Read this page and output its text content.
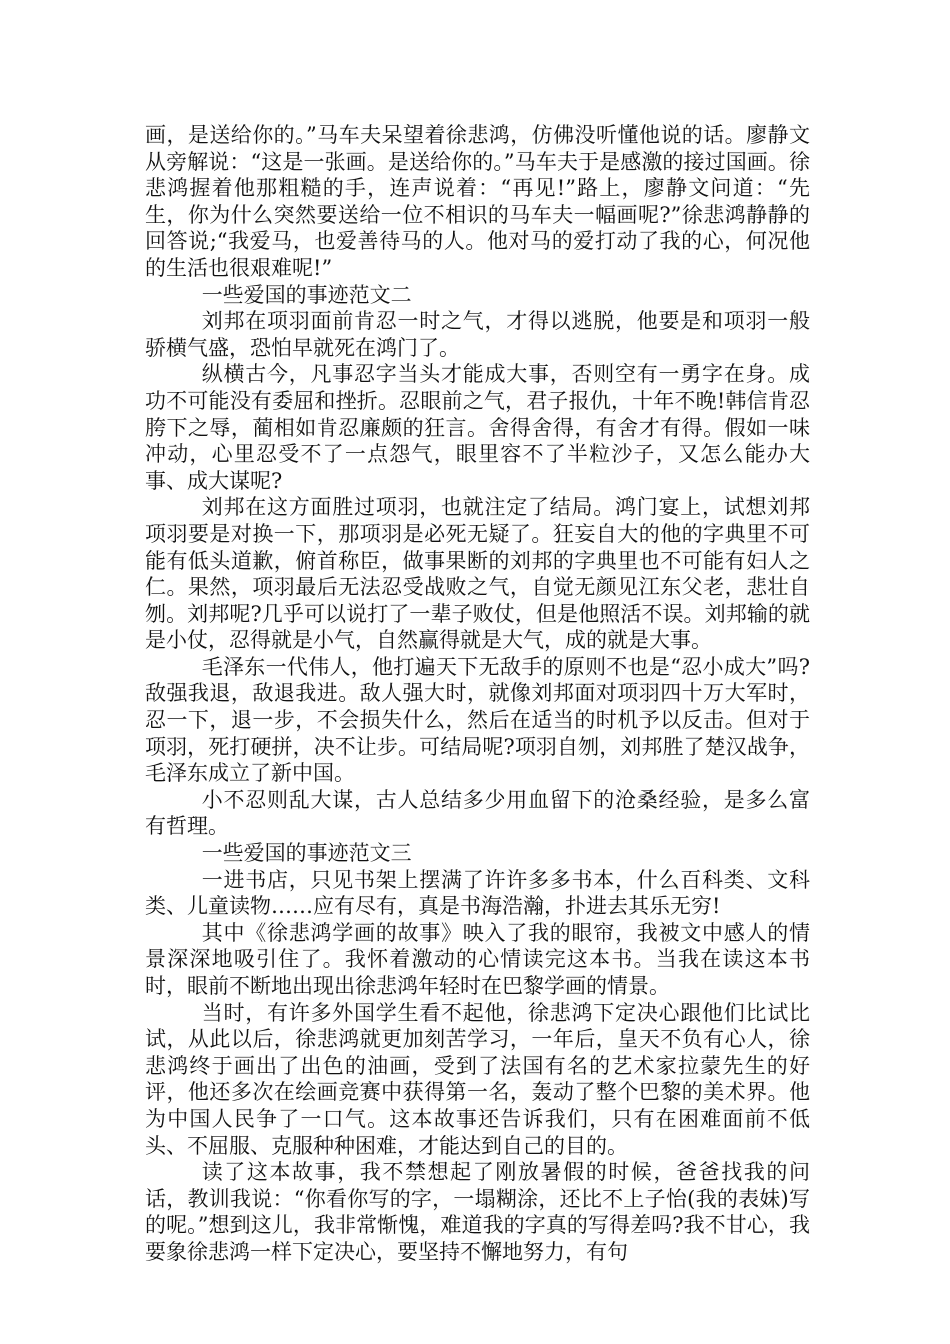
画，是送给你的。”马车夫呆望着徐悲鸿，仿佛没听懂他说的话。廖静文从旁解说：“这是一张画。是送给你的。”马车夫于是感激的接过国画。徐悲鸿握着他那粗糙的手，连声说着：“再见!”路上，廖静文问道：“先生，你为什么突然要送给一位不相识的马车夫一幅画呢?”徐悲鸿静静的回答说;“我爱马，也爱善待马的人。他对马的爱打动了我的心，何况他的生活也很艰难呢!”

一些爱国的事迹范文二

刘邦在项羽面前肯忍一时之气，才得以逃脱，他要是和项羽一般骄横气盛，恐怕早就死在鸿门了。

纵横古今，凡事忍字当头才能成大事，否则空有一勇字在身。成功不可能没有委屈和挫折。忍眼前之气，君子报仇，十年不晚!韩信肯忍胯下之辱，蔺相如肯忍廉颇的狂言。舍得舍得，有舍才有得。假如一味冲动，心里忍受不了一点怨气，眼里容不了半粒沙子，又怎么能办大事、成大谋呢?

刘邦在这方面胜过项羽，也就注定了结局。鸿门宴上，试想刘邦项羽要是对换一下，那项羽是必死无疑了。狂妄自大的他的字典里不可能有低头道歉，俯首称臣，做事果断的刘邦的字典里也不可能有妇人之仁。果然，项羽最后无法忍受战败之气，自觉无颜见江东父老，悲壮自刎。刘邦呢?几乎可以说打了一辈子败仗，但是他照活不误。刘邦输的就是小仗，忍得就是小气，自然赢得就是大气，成的就是大事。

毛泽东一代伟人，他打遍天下无敌手的原则不也是“忍小成大”吗?敌强我退，敌退我进。敌人强大时，就像刘邦面对项羽四十万大军时，忍一下，退一步，不会损失什么，然后在适当的时机予以反击。但对于项羽，死打硬拼，决不让步。可结局呢?项羽自刎，刘邦胜了楚汉战争，毛泽东成立了新中国。

小不忍则乱大谋，古人总结多少用血留下的沧桑经验，是多么富有哲理。

一些爱国的事迹范文三

一进书店，只见书架上摆满了许许多多书本，什么百科类、文科类、儿童读物……应有尽有，真是书海浩瀚，扑进去其乐无穷!

其中《徐悲鸿学画的故事》映入了我的眼帘，我被文中感人的情景深深地吸引住了。我怀着激动的心情读完这本书。当我在读这本书时，眼前不断地出现出徐悲鸿年轻时在巴黎学画的情景。

当时，有许多外国学生看不起他，徐悲鸿下定决心跟他们比试比试，从此以后，徐悲鸿就更加刻苦学习，一年后，皇天不负有心人，徐悲鸿终于画出了出色的油画，受到了法国有名的艺术家拉蒙先生的好评，他还多次在绘画竞赛中获得第一名，轰动了整个巴黎的美术界。他为中国人民争了一口气。这本故事还告诉我们，只有在困难面前不低头、不屈服、克服种种困难，才能达到自己的目的。

读了这本故事，我不禁想起了刚放暑假的时候，爸爸找我的问话，教训我说：“你看你写的字，一塌糊涂，还比不上子怡(我的表妹)写的呢。”想到这儿，我非常惭愧，难道我的字真的写得差吗?我不甘心，我要象徐悲鸿一样下定决心，要坚持不懈地努力，有句
